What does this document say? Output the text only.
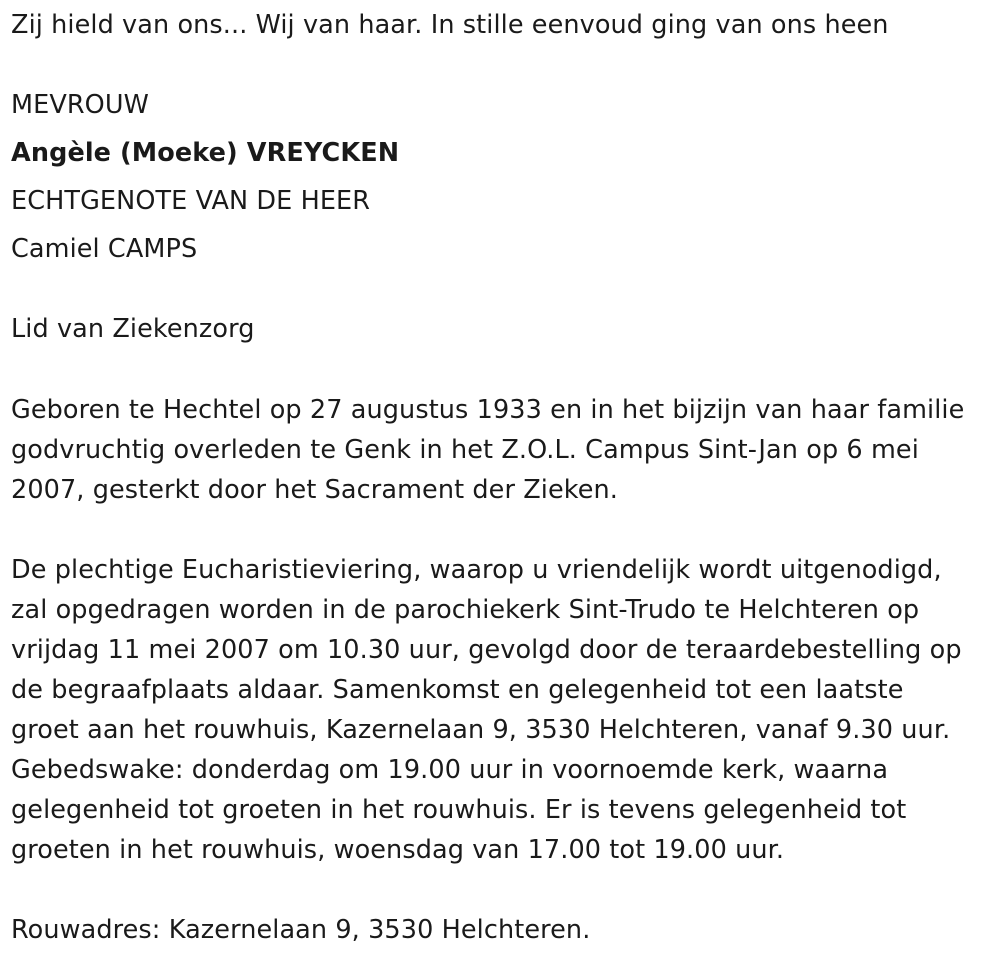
Zij hield van ons... Wij van haar. In stille eenvoud ging van ons heen
MEVROUW
Angèle (Moeke) VREYCKEN
ECHTGENOTE VAN DE HEER
Camiel CAMPS
Lid van Ziekenzorg
Geboren te Hechtel op 27 augustus 1933 en in het bijzijn van haar familie
godvruchtig overleden te Genk in het Z.O.L. Campus Sint-Jan op 6 mei
2007, gesterkt door het Sacrament der Zieken.
De plechtige Eucharistieviering, waarop u vriendelijk wordt uitgenodigd,
zal opgedragen worden in de parochiekerk Sint-Trudo te Helchteren op
vrijdag 11 mei 2007 om 10.30 uur, gevolgd door de teraardebestelling op
de begraafplaats aldaar. Samenkomst en gelegenheid tot een laatste
groet aan het rouwhuis, Kazernelaan 9, 3530 Helchteren, vanaf 9.30 uur.
Gebedswake: donderdag om 19.00 uur in voornoemde kerk, waarna
gelegenheid tot groeten in het rouwhuis. Er is tevens gelegenheid tot
groeten in het rouwhuis, woensdag van 17.00 tot 19.00 uur.
Rouwadres: Kazernelaan 9, 3530 Helchteren.
